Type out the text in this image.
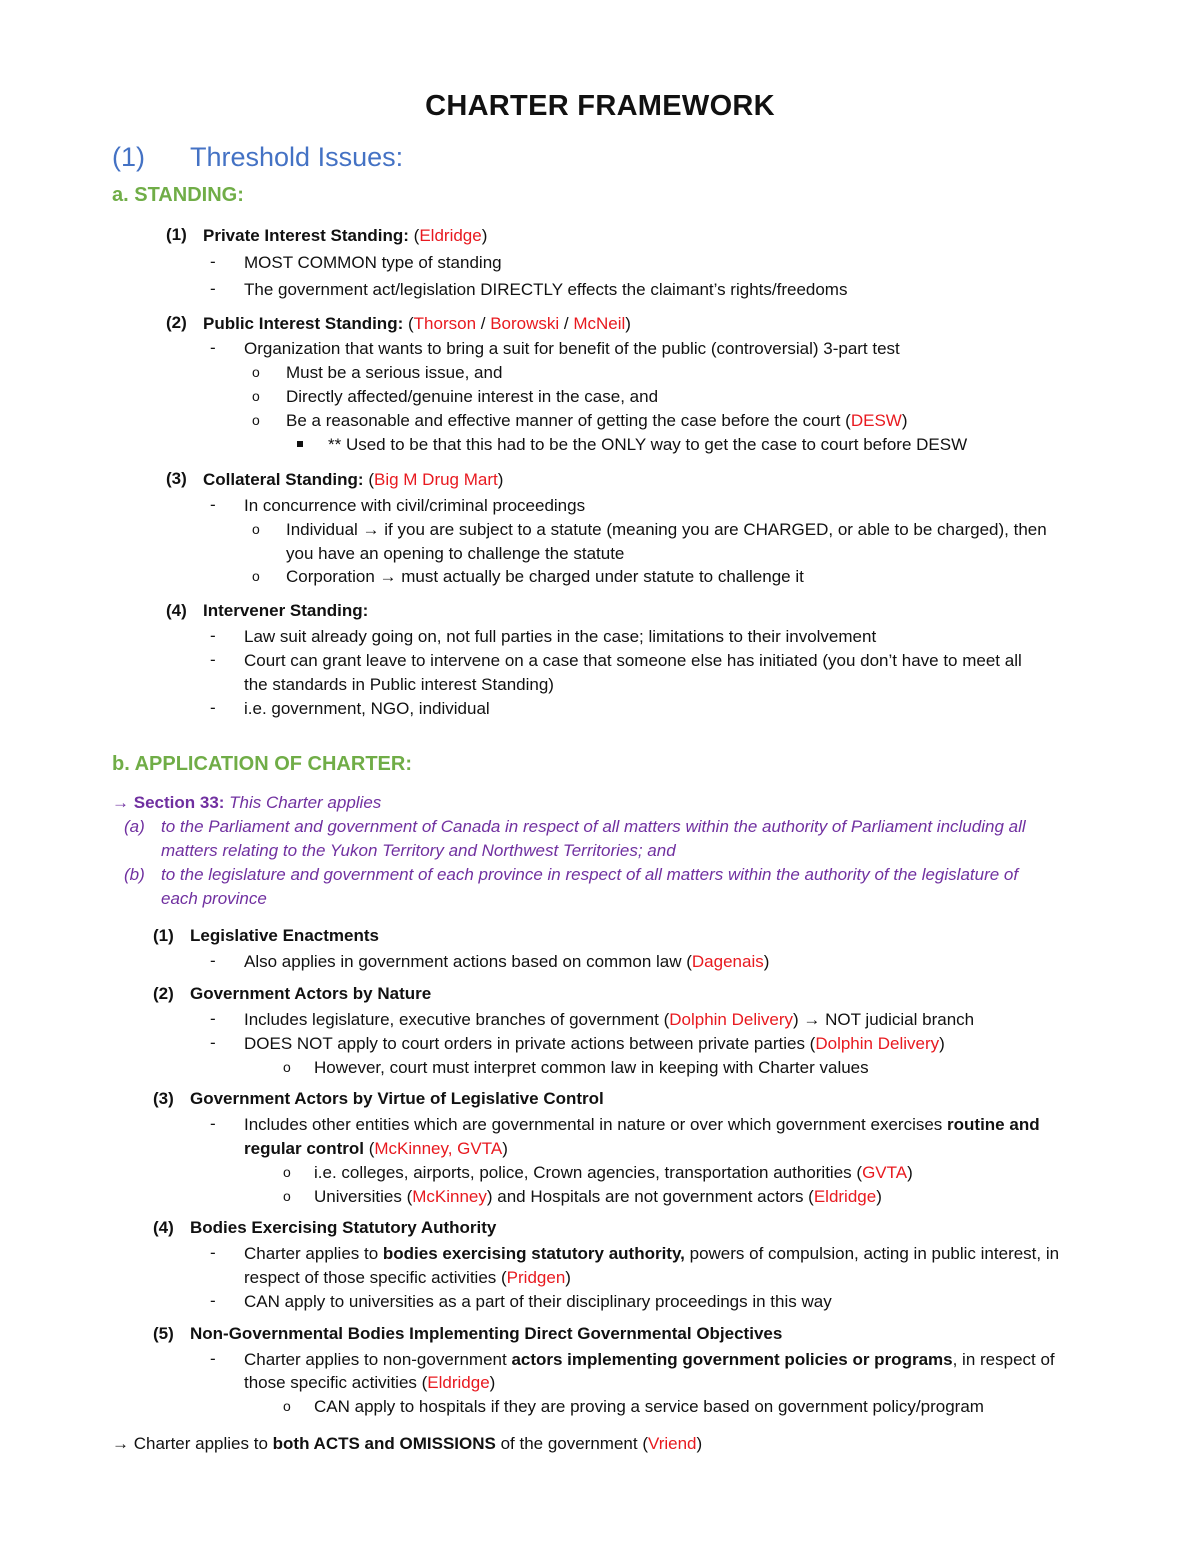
CHARTER FRAMEWORK
(1) Threshold Issues:
a. STANDING:
(1) Private Interest Standing: (Eldridge)
- MOST COMMON type of standing
- The government act/legislation DIRECTLY effects the claimant’s rights/freedoms
(2) Public Interest Standing: (Thorson / Borowski / McNeil)
- Organization that wants to bring a suit for benefit of the public (controversial) 3-part test
o Must be a serious issue, and
o Directly affected/genuine interest in the case, and
o Be a reasonable and effective manner of getting the case before the court (DESW)
** Used to be that this had to be the ONLY way to get the case to court before DESW
(3) Collateral Standing: (Big M Drug Mart)
- In concurrence with civil/criminal proceedings
o Individual → if you are subject to a statute (meaning you are CHARGED, or able to be charged), then
you have an opening to challenge the statute
o Corporation → must actually be charged under statute to challenge it
(4) Intervener Standing:
- Law suit already going on, not full parties in the case; limitations to their involvement
- Court can grant leave to intervene on a case that someone else has initiated (you don’t have to meet all
the standards in Public interest Standing)
- i.e. government, NGO, individual
b. APPLICATION OF CHARTER:
→ Section 33: This Charter applies
(a) to the Parliament and government of Canada in respect of all matters within the authority of Parliament including all
matters relating to the Yukon Territory and Northwest Territories; and
(b) to the legislature and government of each province in respect of all matters within the authority of the legislature of
each province
(1) Legislative Enactments
- Also applies in government actions based on common law (Dagenais)
(2) Government Actors by Nature
- Includes legislature, executive branches of government (Dolphin Delivery) → NOT judicial branch
- DOES NOT apply to court orders in private actions between private parties (Dolphin Delivery)
o However, court must interpret common law in keeping with Charter values
(3) Government Actors by Virtue of Legislative Control
- Includes other entities which are governmental in nature or over which government exercises routine and
regular control (McKinney, GVTA)
o i.e. colleges, airports, police, Crown agencies, transportation authorities (GVTA)
o Universities (McKinney) and Hospitals are not government actors (Eldridge)
(4) Bodies Exercising Statutory Authority
- Charter applies to bodies exercising statutory authority, powers of compulsion, acting in public interest, in
respect of those specific activities (Pridgen)
- CAN apply to universities as a part of their disciplinary proceedings in this way
(5) Non-Governmental Bodies Implementing Direct Governmental Objectives
- Charter applies to non-government actors implementing government policies or programs, in respect of
those specific activities (Eldridge)
o CAN apply to hospitals if they are proving a service based on government policy/program
→ Charter applies to both ACTS and OMISSIONS of the government (Vriend)
